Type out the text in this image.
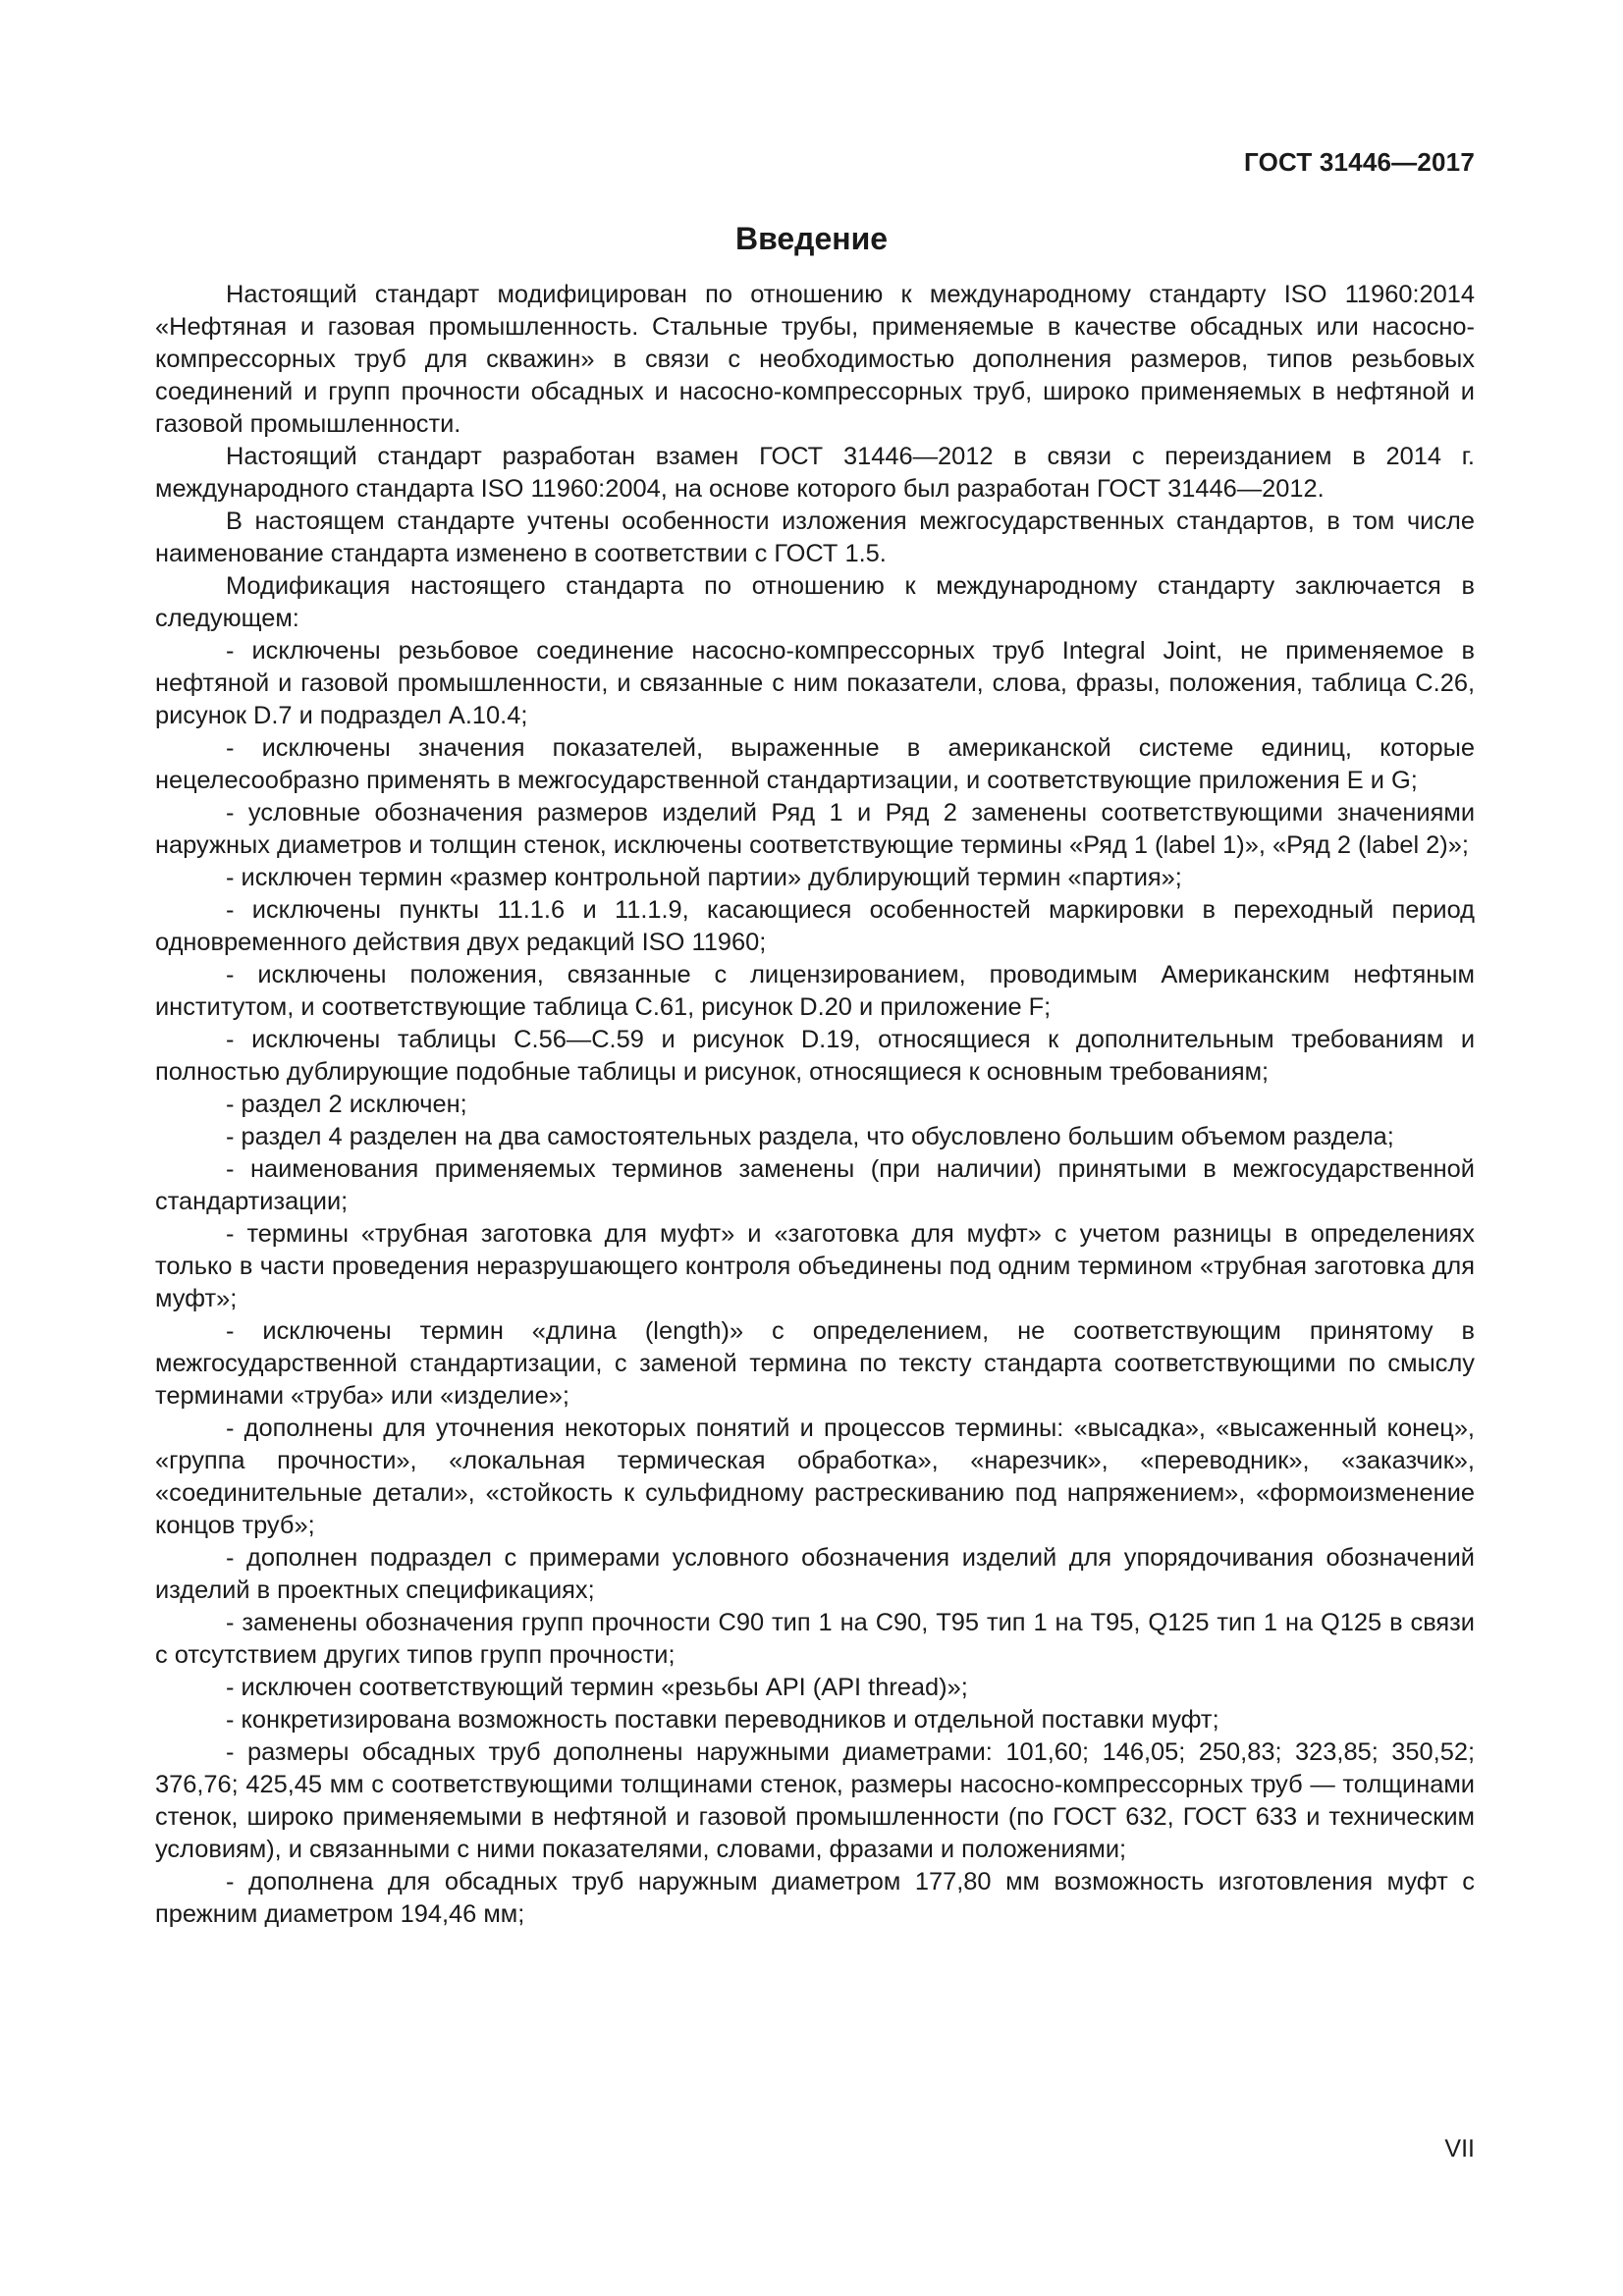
ГОСТ 31446—2017
Введение

Настоящий стандарт модифицирован по отношению к международному стандарту ISO 11960:2014 «Нефтяная и газовая промышленность. Стальные трубы, применяемые в качестве обсадных или насосно-компрессорных труб для скважин» в связи с необходимостью дополнения размеров, типов резьбовых соединений и групп прочности обсадных и насосно-компрессорных труб, широко применяемых в нефтяной и газовой промышленности.

Настоящий стандарт разработан взамен ГОСТ 31446—2012 в связи с переизданием в 2014 г. международного стандарта ISO 11960:2004, на основе которого был разработан ГОСТ 31446—2012.

В настоящем стандарте учтены особенности изложения межгосударственных стандартов, в том числе наименование стандарта изменено в соответствии с ГОСТ 1.5.

Модификация настоящего стандарта по отношению к международному стандарту заключается в следующем:

- исключены резьбовое соединение насосно-компрессорных труб Integral Joint, не применяемое в нефтяной и газовой промышленности, и связанные с ним показатели, слова, фразы, положения, таблица С.26, рисунок D.7 и подраздел А.10.4;

- исключены значения показателей, выраженные в американской системе единиц, которые нецелесообразно применять в межгосударственной стандартизации, и соответствующие приложения Е и G;

- условные обозначения размеров изделий Ряд 1 и Ряд 2 заменены соответствующими значениями наружных диаметров и толщин стенок, исключены соответствующие термины «Ряд 1 (label 1)», «Ряд 2 (label 2)»;

- исключен термин «размер контрольной партии» дублирующий термин «партия»;

- исключены пункты 11.1.6 и 11.1.9, касающиеся особенностей маркировки в переходный период одновременного действия двух редакций ISO 11960;

- исключены положения, связанные с лицензированием, проводимым Американским нефтяным институтом, и соответствующие таблица С.61, рисунок D.20 и приложение F;

- исключены таблицы С.56—С.59 и рисунок D.19, относящиеся к дополнительным требованиям и полностью дублирующие подобные таблицы и рисунок, относящиеся к основным требованиям;

- раздел 2 исключен;

- раздел 4 разделен на два самостоятельных раздела, что обусловлено большим объемом раздела;

- наименования применяемых терминов заменены (при наличии) принятыми в межгосударственной стандартизации;

- термины «трубная заготовка для муфт» и «заготовка для муфт» с учетом разницы в определениях только в части проведения неразрушающего контроля объединены под одним термином «трубная заготовка для муфт»;

- исключены термин «длина (length)» с определением, не соответствующим принятому в межгосударственной стандартизации, с заменой термина по тексту стандарта соответствующими по смыслу терминами «труба» или «изделие»;

- дополнены для уточнения некоторых понятий и процессов термины: «высадка», «высаженный конец», «группа прочности», «локальная термическая обработка», «нарезчик», «переводник», «заказчик», «соединительные детали», «стойкость к сульфидному растрескиванию под напряжением», «формоизменение концов труб»;

- дополнен подраздел с примерами условного обозначения изделий для упорядочивания обозначений изделий в проектных спецификациях;

- заменены обозначения групп прочности С90 тип 1 на С90, Т95 тип 1 на Т95, Q125 тип 1 на Q125 в связи с отсутствием других типов групп прочности;

- исключен соответствующий термин «резьбы API (API thread)»;

- конкретизирована возможность поставки переводников и отдельной поставки муфт;

- размеры обсадных труб дополнены наружными диаметрами: 101,60; 146,05; 250,83; 323,85; 350,52; 376,76; 425,45 мм с соответствующими толщинами стенок, размеры насосно-компрессорных труб — толщинами стенок, широко применяемыми в нефтяной и газовой промышленности (по ГОСТ 632, ГОСТ 633 и техническим условиям), и связанными с ними показателями, словами, фразами и положениями;

- дополнена для обсадных труб наружным диаметром 177,80 мм возможность изготовления муфт с прежним диаметром 194,46 мм;

VII
